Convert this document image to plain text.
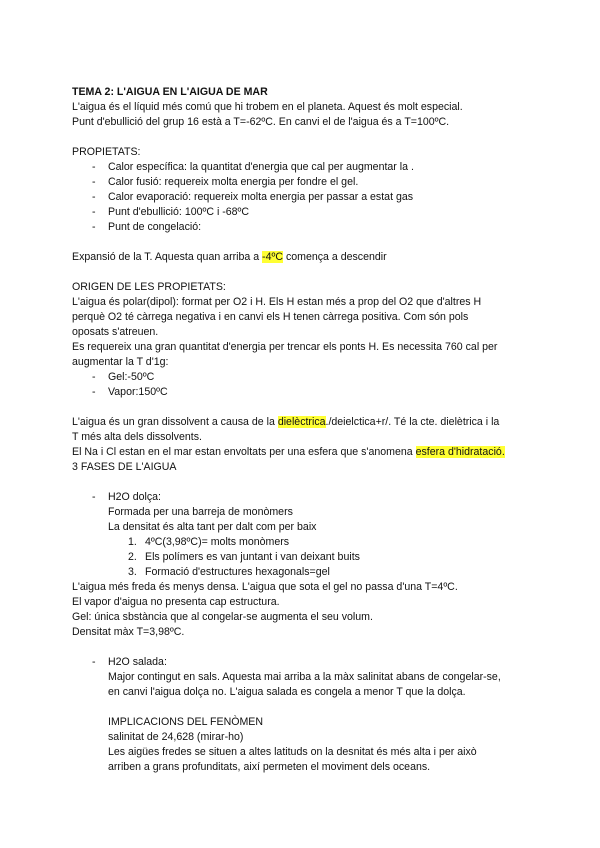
TEMA 2: L'AIGUA EN L'AIGUA DE MAR
L'aigua és el líquid més comú que hi trobem en el planeta. Aquest és molt especial.
Punt d'ebullició del grup 16 està a T=-62ºC. En canvi el de l'aigua és a T=100ºC.
PROPIETATS:
- Calor específica: la quantitat d'energia que cal per augmentar la .
- Calor fusió: requereix molta energia per fondre el gel.
- Calor evaporació: requereix molta energia per passar a estat gas
- Punt d'ebullició: 100ºC i -68ºC
- Punt de congelació:
Expansió de la T. Aquesta quan arriba a -4ºC comença a descendir
ORIGEN DE LES PROPIETATS:
L'aigua és polar(dipol): format per O2 i H. Els H estan més a prop del O2 que d'altres H
perquè O2 té càrrega negativa i en canvi els H tenen càrrega positiva. Com són pols
oposats s'atreuen.
Es requereix una gran quantitat d'energia per trencar els ponts H. Es necessita 760 cal per
augmentar la T d'1g:
- Gel:-50ºC
- Vapor:150ºC
L'aigua és un gran dissolvent a causa de la dielèctrica./deielctica+r/. Té la cte. dielètrica i la
T més alta dels dissolvents.
El Na i Cl estan en el mar estan envoltats per una esfera que s'anomena esfera d'hidratació.
3 FASES DE L'AIGUA
- H2O dolça:
Formada per una barreja de monòmers
La densitat és alta tant per dalt com per baix
1. 4ºC(3,98ºC)= molts monòmers
2. Els polímers es van juntant i van deixant buits
3. Formació d'estructures hexagonals=gel
L'aigua més freda és menys densa. L'aigua que sota el gel no passa d'una T=4ºC.
El vapor d'aigua no presenta cap estructura.
Gel: única sbstància que al congelar-se augmenta el seu volum.
Densitat màx T=3,98ºC.
- H2O salada:
Major contingut en sals. Aquesta mai arriba a la màx salinitat abans de congelar-se,
en canvi l'aigua dolça no. L'aigua salada es congela a menor T que la dolça.
IMPLICACIONS DEL FENÒMEN
salinitat de 24,628 (mirar-ho)
Les aigües fredes se situen a altes latituds on la desnitat és més alta i per això
arriben a grans profunditats, així permeten el moviment dels oceans.
